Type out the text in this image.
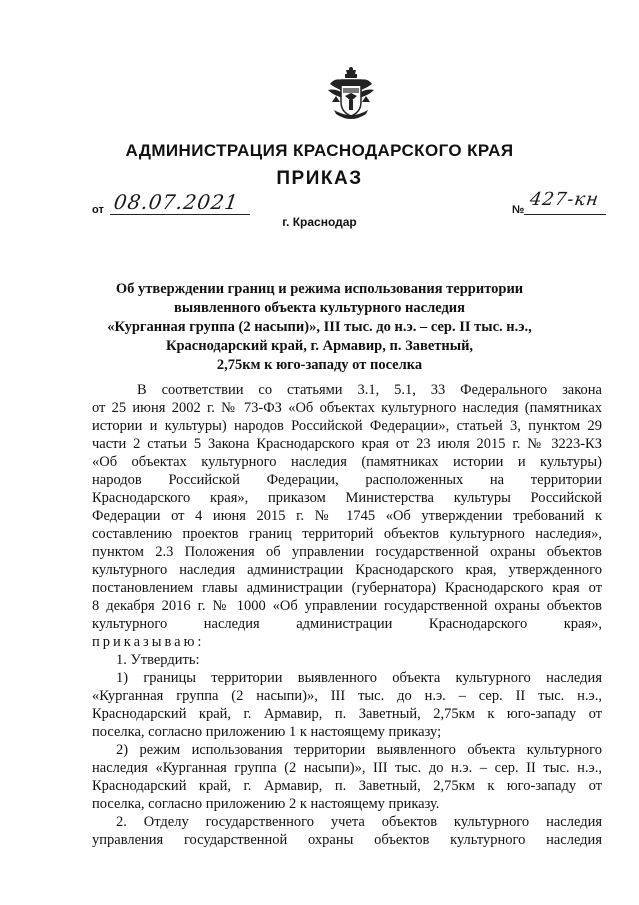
АДМИНИСТРАЦИЯ КРАСНОДАРСКОГО КРАЯ
ПРИКАЗ
от 08.07.2021
г. Краснодар
№ 427-кн
Об утверждении границ и режима использования территории
выявленного объекта культурного наследия
«Курганная группа (2 насыпи)», III тыс. до н.э. – сер. II тыс. н.э.,
Краснодарский край, г. Армавир, п. Заветный,
2,75км к юго-западу от поселка
В соответствии со статьями 3.1, 5.1, 33 Федерального закона
от 25 июня 2002 г. № 73-ФЗ «Об объектах культурного наследия (памятниках
истории и культуры) народов Российской Федерации», статьей 3, пунктом 29
части 2 статьи 5 Закона Краснодарского края от 23 июля 2015 г. № 3223-КЗ
«Об объектах культурного наследия (памятниках истории и культуры)
народов Российской Федерации, расположенных на территории
Краснодарского края», приказом Министерства культуры Российской
Федерации от 4 июня 2015 г. № 1745 «Об утверждении требований к
составлению проектов границ территорий объектов культурного наследия»,
пунктом 2.3 Положения об управлении государственной охраны объектов
культурного наследия администрации Краснодарского края, утвержденного
постановлением главы администрации (губернатора) Краснодарского края от
8 декабря 2016 г. № 1000 «Об управлении государственной охраны объектов
культурного наследия администрации Краснодарского края»,
приказываю:
1. Утвердить:
1) границы территории выявленного объекта культурного наследия
«Курганная группа (2 насыпи)», III тыс. до н.э. – сер. II тыс. н.э.,
Краснодарский край, г. Армавир, п. Заветный, 2,75км к юго-западу от
поселка, согласно приложению 1 к настоящему приказу;
2) режим использования территории выявленного объекта культурного
наследия «Курганная группа (2 насыпи)», III тыс. до н.э. – сер. II тыс. н.э.,
Краснодарский край, г. Армавир, п. Заветный, 2,75км к юго-западу от
поселка, согласно приложению 2 к настоящему приказу.
2. Отделу государственного учета объектов культурного наследия
управления государственной охраны объектов культурного наследия
